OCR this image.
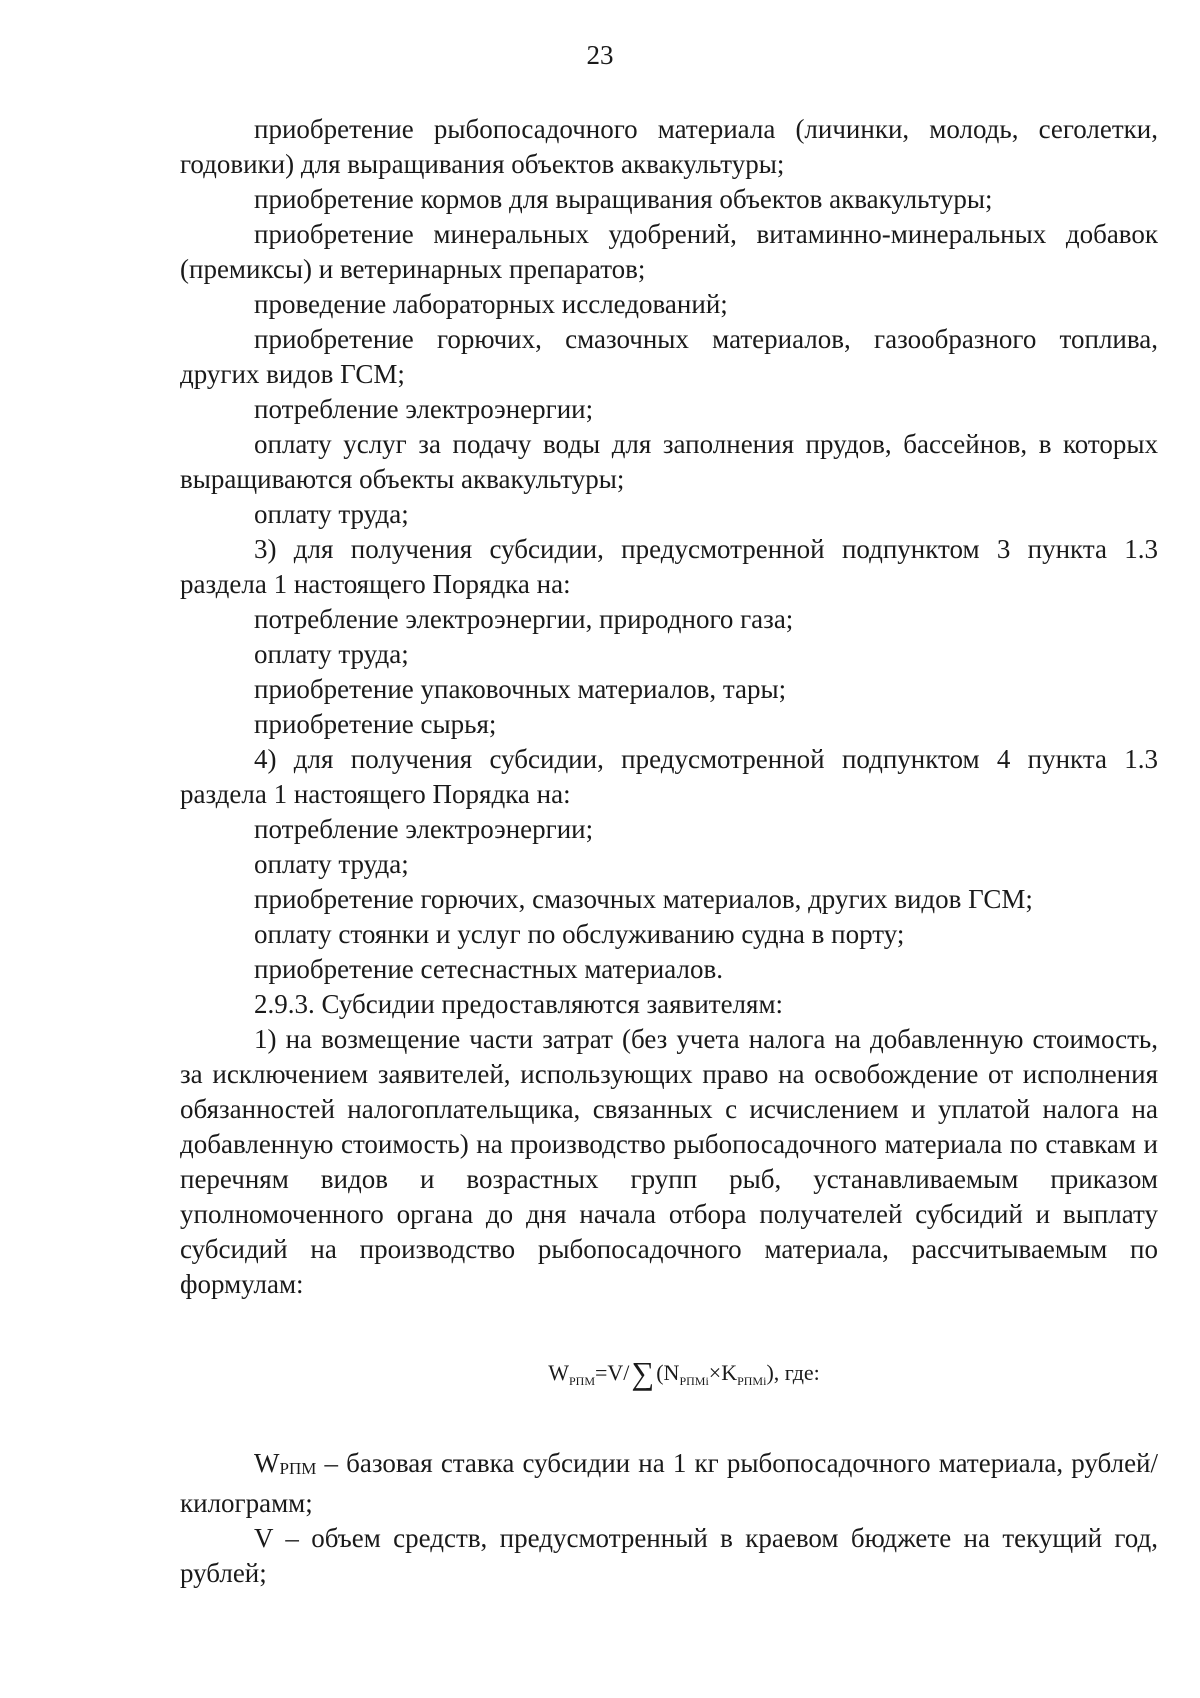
23

приобретение рыбопосадочного материала (личинки, молодь, сеголетки, годовики) для выращивания объектов аквакультуры;

приобретение кормов для выращивания объектов аквакультуры;

приобретение минеральных удобрений, витаминно-минеральных добавок (премиксы) и ветеринарных препаратов;

проведение лабораторных исследований;

приобретение горючих, смазочных материалов, газообразного топлива, других видов ГСМ;

потребление электроэнергии;

оплату услуг за подачу воды для заполнения прудов, бассейнов, в которых выращиваются объекты аквакультуры;

оплату труда;

3) для получения субсидии, предусмотренной подпунктом 3 пункта 1.3 раздела 1 настоящего Порядка на:

потребление электроэнергии, природного газа;

оплату труда;

приобретение упаковочных материалов, тары;

приобретение сырья;

4) для получения субсидии, предусмотренной подпунктом 4 пункта 1.3 раздела 1 настоящего Порядка на:

потребление электроэнергии;

оплату труда;

приобретение горючих, смазочных материалов, других видов ГСМ;

оплату стоянки и услуг по обслуживанию судна в порту;

приобретение сетеснастных материалов.

2.9.3. Субсидии предоставляются заявителям:

1) на возмещение части затрат (без учета налога на добавленную стоимость, за исключением заявителей, использующих право на освобождение от исполнения обязанностей налогоплательщика, связанных с исчислением и уплатой налога на добавленную стоимость) на производство рыбопосадочного материала по ставкам и перечням видов и возрастных групп рыб, устанавливаемым приказом уполномоченного органа до дня начала отбора получателей субсидий и выплату субсидий на производство рыбопосадочного материала, рассчитываемым по формулам:

$W_{РПМ}=V/\sum(N_{РПМi}\times K_{РПМi})$, где:

$W_{РПМ}$ – базовая ставка субсидии на 1 кг рыбопосадочного материала, рублей/килограмм;

V – объем средств, предусмотренный в краевом бюджете на текущий год, рублей;
